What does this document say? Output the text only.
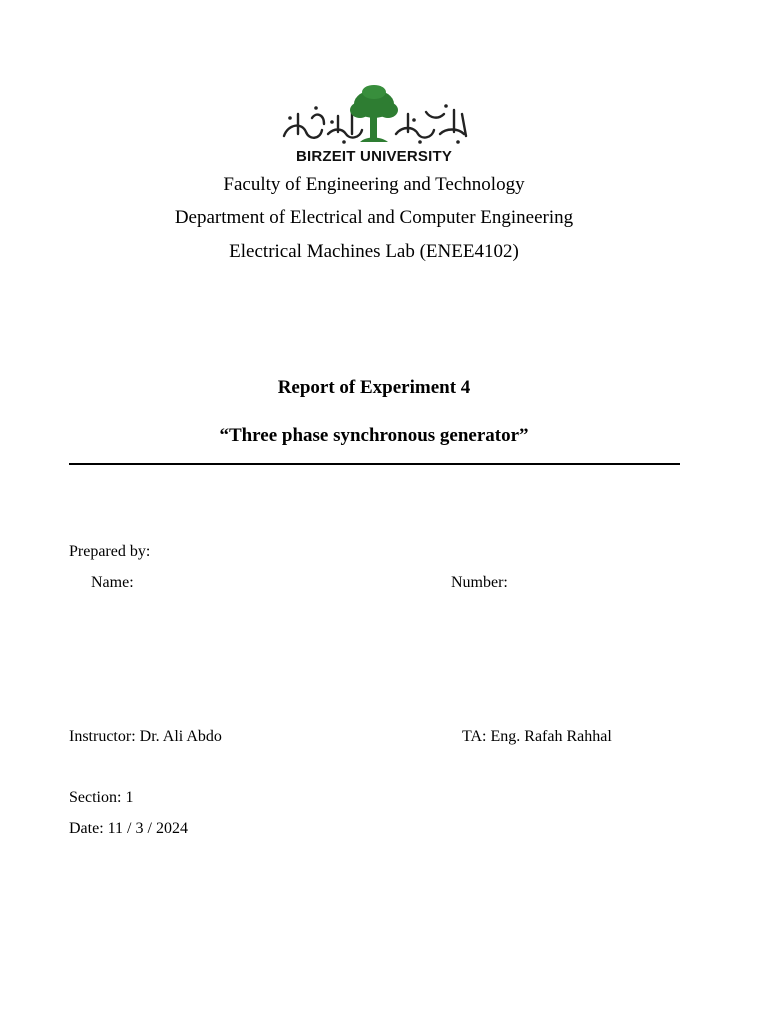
BIRZEIT UNIVERSITY
Faculty of Engineering and Technology
Department of Electrical and Computer Engineering
Electrical Machines Lab (ENEE4102)
Report of Experiment 4
“Three phase synchronous generator”
Prepared by:
Name:	Number:
Instructor: Dr. Ali Abdo	TA: Eng. Rafah Rahhal
Section: 1
Date: 11 / 3 / 2024
